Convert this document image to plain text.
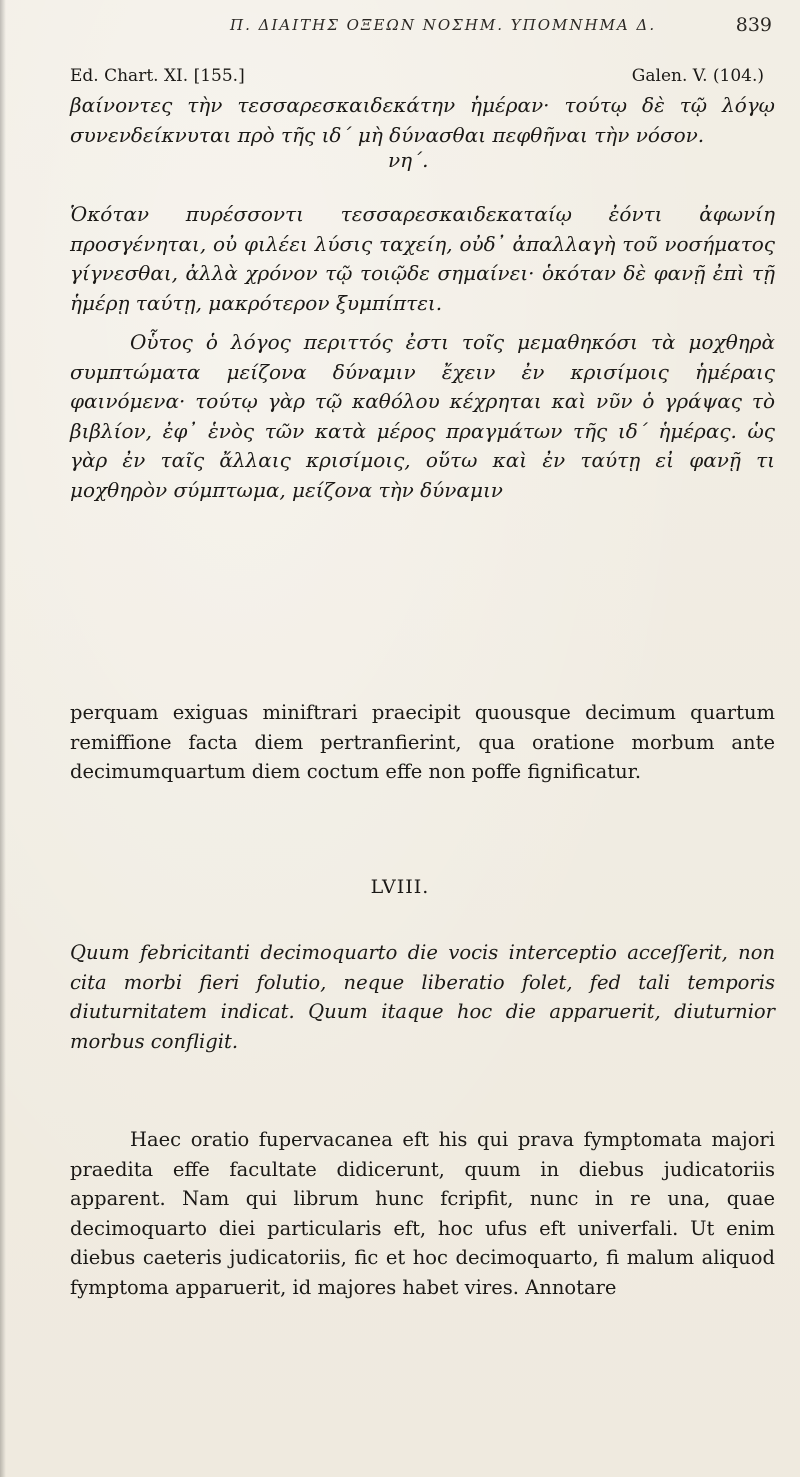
Π. ΔΙΑΙΤΗΣ ΟΞΕΩΝ ΝΟΣΗΜ. ΥΠΟΜΝΗΜΑ Δ.	839
Ed. Chart. XI. [155.]	Galen. V. (104.)

βαίνοντες τὴν τεσσαρεσκαιδεκάτην ἡμέραν· τούτῳ δὲ τῷ λόγῳ συνενδείκνυται πρὸ τῆς ιδ΄ μὴ δύνασθαι πεφθῆναι τὴν νόσον.

νη΄.

Ὁκόταν πυρέσσοντι τεσσαρεσκαιδεκαταίῳ ἐόντι ἀφωνίη προσγένηται, οὐ φιλέει λύσις ταχείη, οὐδ᾽ ἀπαλλαγὴ τοῦ νοσήματος γίγνεσθαι, ἀλλὰ χρόνον τῷ τοιῷδε σημαίνει· ὁκόταν δὲ φανῇ ἐπὶ τῇ ἡμέρῃ ταύτῃ, μακρότερον ξυμπίπτει.

Οὗτος ὁ λόγος περιττός ἐστι τοῖς μεμαθηκόσι τὰ μοχθηρὰ συμπτώματα μείζονα δύναμιν ἔχειν ἐν κρισίμοις ἡμέραις φαινόμενα· τούτῳ γὰρ τῷ καθόλου κέχρηται καὶ νῦν ὁ γράψας τὸ βιβλίον, ἐφ᾽ ἑνὸς τῶν κατὰ μέρος πραγμάτων τῆς ιδ΄ ἡμέρας. ὡς γὰρ ἐν ταῖς ἄλλαις κρισίμοις, οὕτω καὶ ἐν ταύτῃ εἰ φανῇ τι μοχθηρὸν σύμπτωμα, μείζονα τὴν δύναμιν

perquam exiguas miniftrari praecipit quousque decimum quartum remiffione facta diem pertranfierint, qua oratione morbum ante decimumquartum diem coctum effe non poffe fignificatur.

LVIII.

Quum febricitanti decimoquarto die vocis interceptio acceſſerit, non cita morbi fieri folutio, neque liberatio folet, fed tali temporis diuturnitatem indicat. Quum itaque hoc die apparuerit, diuturnior morbus confligit.

Haec oratio fupervacanea eft his qui prava fymptomata majori praedita effe facultate didicerunt, quum in diebus judicatoriis apparent. Nam qui librum hunc fcripfit, nunc in re una, quae decimoquarto diei particularis eft, hoc ufus eft univerfali. Ut enim diebus caeteris judicatoriis, fic et hoc decimoquarto, fi malum aliquod fymptoma apparuerit, id majores habet vires. Annotare
